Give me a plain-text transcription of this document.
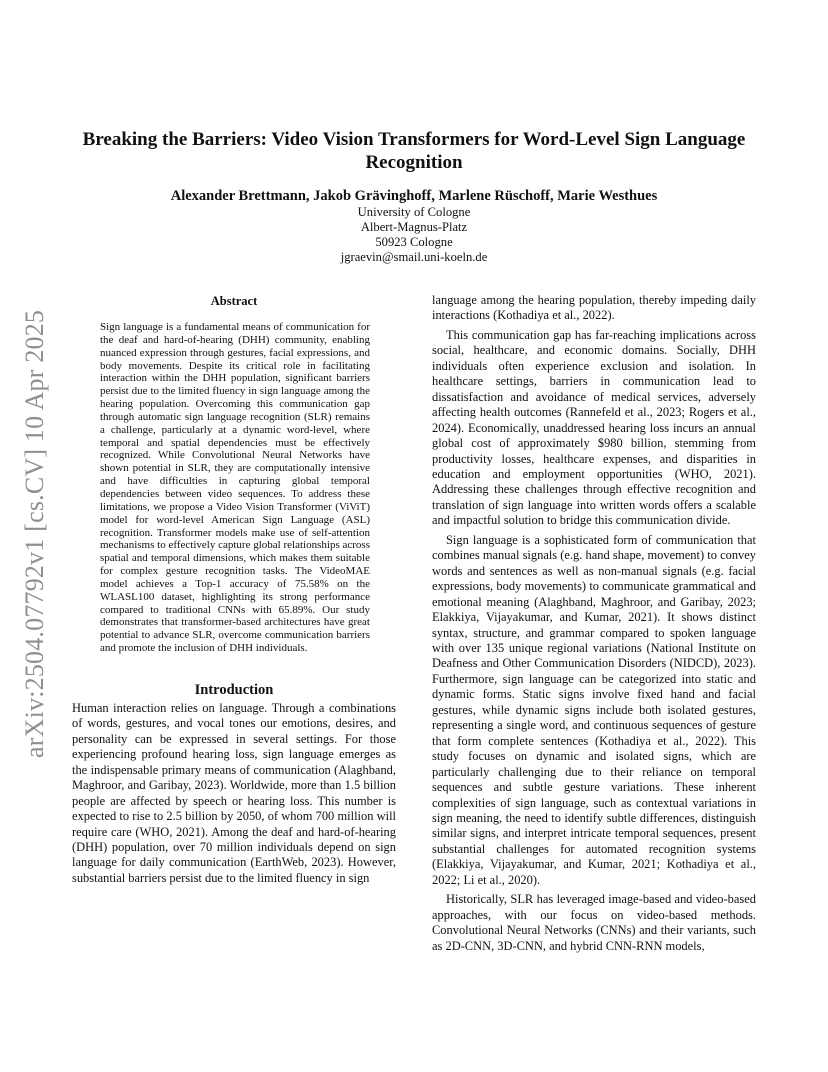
arXiv:2504.07792v1 [cs.CV] 10 Apr 2025
Breaking the Barriers: Video Vision Transformers for Word-Level Sign Language Recognition
Alexander Brettmann, Jakob Grävinghoff, Marlene Rüschoff, Marie Westhues
University of Cologne
Albert-Magnus-Platz
50923 Cologne
jgraevin@smail.uni-koeln.de
Abstract

Sign language is a fundamental means of communication for the deaf and hard-of-hearing (DHH) community, enabling nuanced expression through gestures, facial expressions, and body movements. Despite its critical role in facilitating interaction within the DHH population, significant barriers persist due to the limited fluency in sign language among the hearing population. Overcoming this communication gap through automatic sign language recognition (SLR) remains a challenge, particularly at a dynamic word-level, where temporal and spatial dependencies must be effectively recognized. While Convolutional Neural Networks have shown potential in SLR, they are computationally intensive and have difficulties in capturing global temporal dependencies between video sequences. To address these limitations, we propose a Video Vision Transformer (ViViT) model for word-level American Sign Language (ASL) recognition. Transformer models make use of self-attention mechanisms to effectively capture global relationships across spatial and temporal dimensions, which makes them suitable for complex gesture recognition tasks. The VideoMAE model achieves a Top-1 accuracy of 75.58% on the WLASL100 dataset, highlighting its strong performance compared to traditional CNNs with 65.89%. Our study demonstrates that transformer-based architectures have great potential to advance SLR, overcome communication barriers and promote the inclusion of DHH individuals.

Introduction

Human interaction relies on language. Through a combinations of words, gestures, and vocal tones our emotions, desires, and personality can be expressed in several settings. For those experiencing profound hearing loss, sign language emerges as the indispensable primary means of communication (Alaghband, Maghroor, and Garibay, 2023). Worldwide, more than 1.5 billion people are affected by speech or hearing loss. This number is expected to rise to 2.5 billion by 2050, of whom 700 million will require care (WHO, 2021). Among the deaf and hard-of-hearing (DHH) population, over 70 million individuals depend on sign language for daily communication (EarthWeb, 2023). However, substantial barriers persist due to the limited fluency in sign

language among the hearing population, thereby impeding daily interactions (Kothadiya et al., 2022).

This communication gap has far-reaching implications across social, healthcare, and economic domains. Socially, DHH individuals often experience exclusion and isolation. In healthcare settings, barriers in communication lead to dissatisfaction and avoidance of medical services, adversely affecting health outcomes (Rannefeld et al., 2023; Rogers et al., 2024). Economically, unaddressed hearing loss incurs an annual global cost of approximately $980 billion, stemming from productivity losses, healthcare expenses, and disparities in education and employment opportunities (WHO, 2021). Addressing these challenges through effective recognition and translation of sign language into written words offers a scalable and impactful solution to bridge this communication divide.

Sign language is a sophisticated form of communication that combines manual signals (e.g. hand shape, movement) to convey words and sentences as well as non-manual signals (e.g. facial expressions, body movements) to communicate grammatical and emotional meaning (Alaghband, Maghroor, and Garibay, 2023; Elakkiya, Vijayakumar, and Kumar, 2021). It shows distinct syntax, structure, and grammar compared to spoken language with over 135 unique regional variations (National Institute on Deafness and Other Communication Disorders (NIDCD), 2023). Furthermore, sign language can be categorized into static and dynamic forms. Static signs involve fixed hand and facial gestures, while dynamic signs include both isolated gestures, representing a single word, and continuous sequences of gesture that form complete sentences (Kothadiya et al., 2022). This study focuses on dynamic and isolated signs, which are particularly challenging due to their reliance on temporal sequences and subtle gesture variations. These inherent complexities of sign language, such as contextual variations in sign meaning, the need to identify subtle differences, distinguish similar signs, and interpret intricate temporal sequences, present substantial challenges for automated recognition systems (Elakkiya, Vijayakumar, and Kumar, 2021; Kothadiya et al., 2022; Li et al., 2020).

Historically, SLR has leveraged image-based and video-based approaches, with our focus on video-based methods. Convolutional Neural Networks (CNNs) and their variants, such as 2D-CNN, 3D-CNN, and hybrid CNN-RNN models,
